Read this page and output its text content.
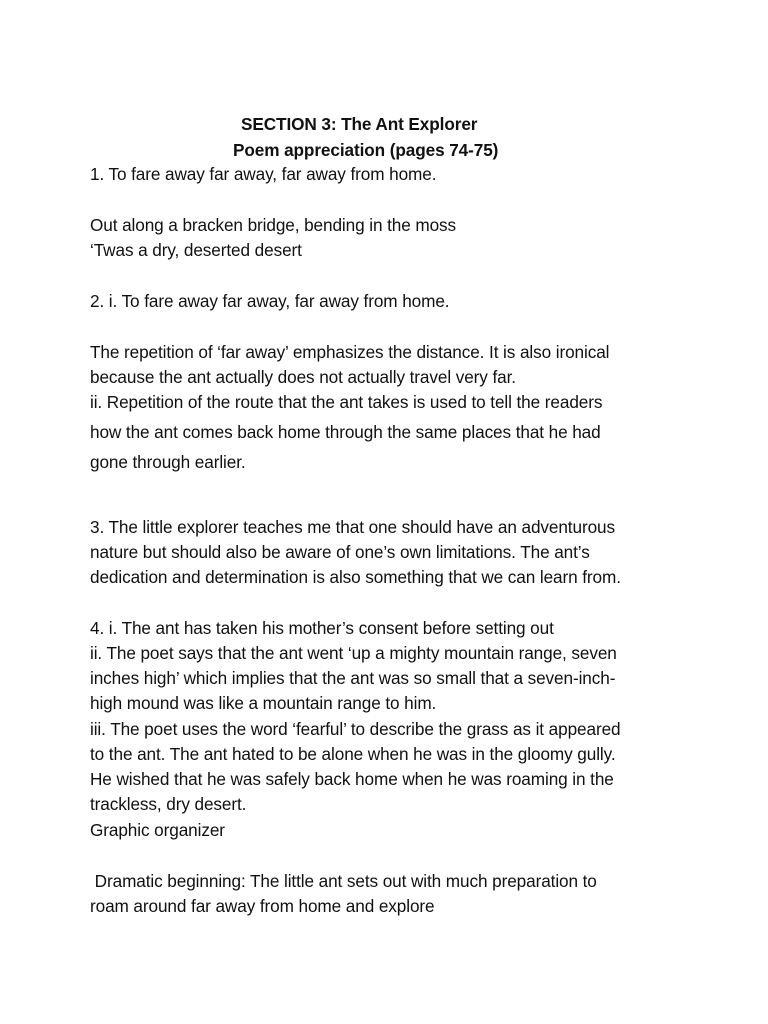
SECTION 3: The Ant Explorer
Poem appreciation (pages 74-75)
1. To fare away far away, far away from home.
Out along a bracken bridge, bending in the moss
‘Twas a dry, deserted desert
2. i. To fare away far away, far away from home.
The repetition of ‘far away’ emphasizes the distance. It is also ironical
because the ant actually does not actually travel very far.
ii. Repetition of the route that the ant takes is used to tell the readers
how the ant comes back home through the same places that he had
gone through earlier.
3. The little explorer teaches me that one should have an adventurous
nature but should also be aware of one’s own limitations. The ant’s
dedication and determination is also something that we can learn from.
4. i. The ant has taken his mother’s consent before setting out
ii. The poet says that the ant went ‘up a mighty mountain range, seven
inches high’ which implies that the ant was so small that a seven-inch-
high mound was like a mountain range to him.
iii. The poet uses the word ‘fearful’ to describe the grass as it appeared
to the ant. The ant hated to be alone when he was in the gloomy gully.
He wished that he was safely back home when he was roaming in the
trackless, dry desert.
Graphic organizer
Dramatic beginning: The little ant sets out with much preparation to
roam around far away from home and explore
